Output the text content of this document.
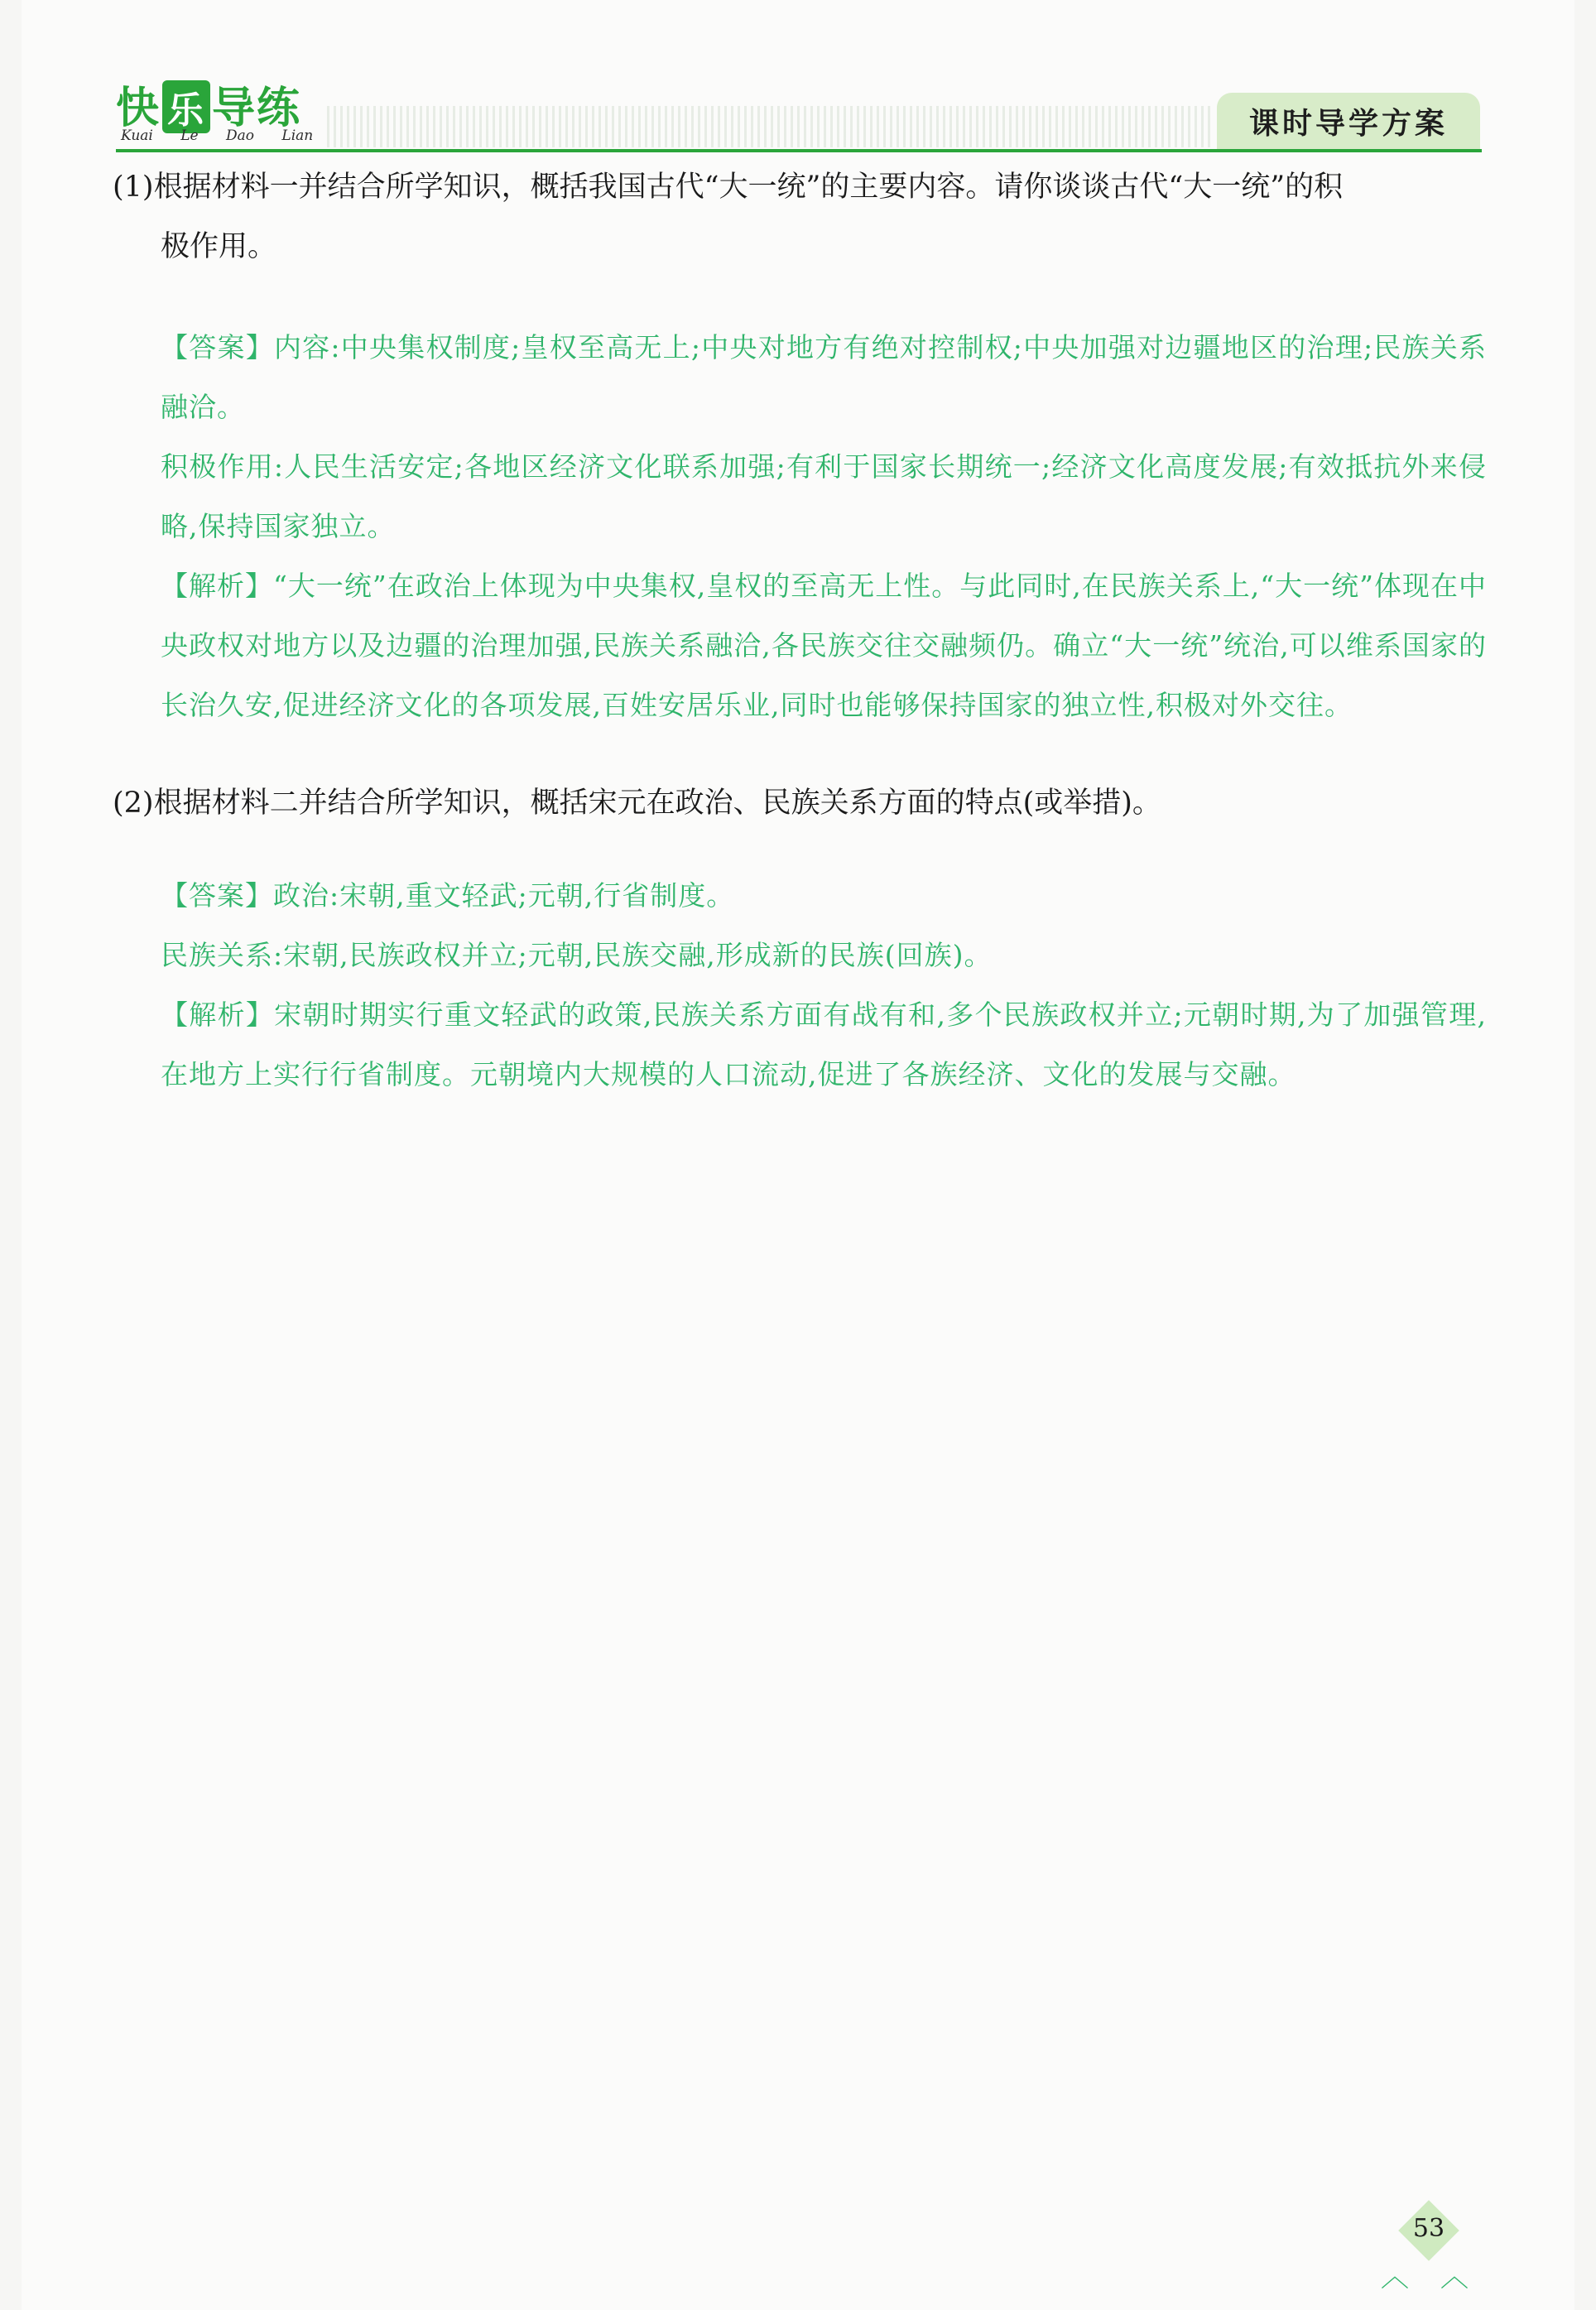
快 乐 导练
Kuai Le Dao Lian	课时导学方案

(1)根据材料一并结合所学知识，概括我国古代“大一统”的主要内容。请你谈谈古代“大一统”的积
极作用。

【答案】内容:中央集权制度;皇权至高无上;中央对地方有绝对控制权;中央加强对边疆地区的治理;民族关系融洽。

积极作用:人民生活安定;各地区经济文化联系加强;有利于国家长期统一;经济文化高度发展;有效抵抗外来侵略,保持国家独立。

【解析】“大一统”在政治上体现为中央集权,皇权的至高无上性。与此同时,在民族关系上,“大一统”体现在中央政权对地方以及边疆的治理加强,民族关系融洽,各民族交往交融频仍。确立“大一统”统治,可以维系国家的长治久安,促进经济文化的各项发展,百姓安居乐业,同时也能够保持国家的独立性,积极对外交往。

(2)根据材料二并结合所学知识，概括宋元在政治、民族关系方面的特点(或举措)。

【答案】政治:宋朝,重文轻武;元朝,行省制度。

民族关系:宋朝,民族政权并立;元朝,民族交融,形成新的民族(回族)。

【解析】宋朝时期实行重文轻武的政策,民族关系方面有战有和,多个民族政权并立;元朝时期,为了加强管理,在地方上实行行省制度。元朝境内大规模的人口流动,促进了各族经济、文化的发展与交融。

53
︿ ︿
